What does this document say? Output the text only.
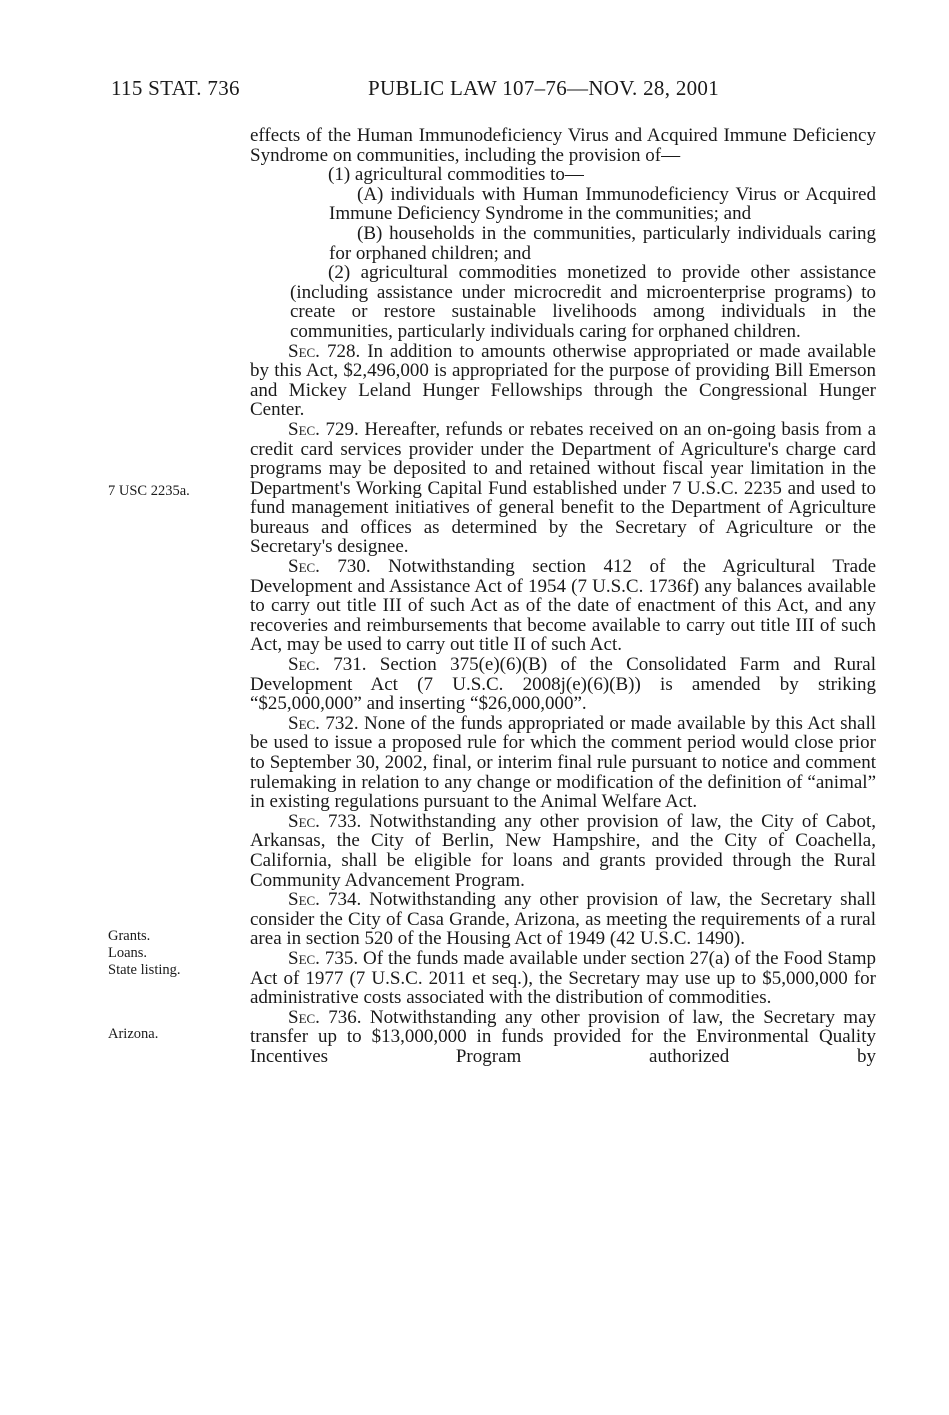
115 STAT. 736	PUBLIC LAW 107–76—NOV. 28, 2001
7 USC 2235a.
Grants.
Loans.
State listing.
Arizona.

effects of the Human Immunodeficiency Virus and Acquired Immune Deficiency Syndrome on communities, including the provision of—

(1) agricultural commodities to—

(A) individuals with Human Immunodeficiency Virus or Acquired Immune Deficiency Syndrome in the communities; and

(B) households in the communities, particularly individuals caring for orphaned children; and

(2) agricultural commodities monetized to provide other assistance (including assistance under microcredit and microenterprise programs) to create or restore sustainable livelihoods among individuals in the communities, particularly individuals caring for orphaned children.

Sec. 728. In addition to amounts otherwise appropriated or made available by this Act, $2,496,000 is appropriated for the purpose of providing Bill Emerson and Mickey Leland Hunger Fellowships through the Congressional Hunger Center.

Sec. 729. Hereafter, refunds or rebates received on an on-going basis from a credit card services provider under the Department of Agriculture's charge card programs may be deposited to and retained without fiscal year limitation in the Department's Working Capital Fund established under 7 U.S.C. 2235 and used to fund management initiatives of general benefit to the Department of Agriculture bureaus and offices as determined by the Secretary of Agriculture or the Secretary's designee.

Sec. 730. Notwithstanding section 412 of the Agricultural Trade Development and Assistance Act of 1954 (7 U.S.C. 1736f) any balances available to carry out title III of such Act as of the date of enactment of this Act, and any recoveries and reimbursements that become available to carry out title III of such Act, may be used to carry out title II of such Act.

Sec. 731. Section 375(e)(6)(B) of the Consolidated Farm and Rural Development Act (7 U.S.C. 2008j(e)(6)(B)) is amended by striking “$25,000,000” and inserting “$26,000,000”.

Sec. 732. None of the funds appropriated or made available by this Act shall be used to issue a proposed rule for which the comment period would close prior to September 30, 2002, final, or interim final rule pursuant to notice and comment rulemaking in relation to any change or modification of the definition of “animal” in existing regulations pursuant to the Animal Welfare Act.

Sec. 733. Notwithstanding any other provision of law, the City of Cabot, Arkansas, the City of Berlin, New Hampshire, and the City of Coachella, California, shall be eligible for loans and grants provided through the Rural Community Advancement Program.

Sec. 734. Notwithstanding any other provision of law, the Secretary shall consider the City of Casa Grande, Arizona, as meeting the requirements of a rural area in section 520 of the Housing Act of 1949 (42 U.S.C. 1490).

Sec. 735. Of the funds made available under section 27(a) of the Food Stamp Act of 1977 (7 U.S.C. 2011 et seq.), the Secretary may use up to $5,000,000 for administrative costs associated with the distribution of commodities.

Sec. 736. Notwithstanding any other provision of law, the Secretary may transfer up to $13,000,000 in funds provided for the Environmental Quality Incentives Program authorized by
